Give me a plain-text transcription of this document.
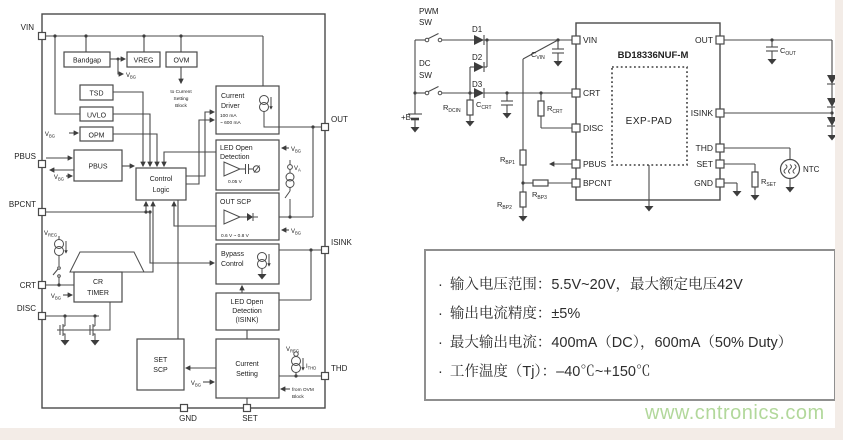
VIN
PBUS
BPCNT
CRT
DISC
GND	SET
OUT
ISINK
THD
Bandgap	VREG	OVM
TSD
UVLO
OPM
PBUS
Control
Logic
Current
Driver
100 mA
~ 600 mA
LED Open
Detection
0.05 V
OUT SCP
0.6 V ~ 0.8 V
Bypass
Control
LED Open
Detection
(ISINK)
CR
TIMER
SET
SCP
Current
Setting
$V_{REG}$
$V_A$
$V_{REG}$
$I_{THD}$
$V_{BG}$
$V_{BG}$
$V_{BG}$
$V_{BG}$
$V_{BG}$
$V_{BG}$
$V_{BG}$
to Current
Setting
Block
from OVM
Block
BD18336NUF-M
EXP-PAD
VIN
CRT
DISC
PBUS
BPCNT
OUT
ISINK
THD
SET
GND
PWM
SW
DC
SW
D1
D2
D3
+B
$R_{DCIN}$
$C_{CRT}$	$R_{CRT}$
$C_{VIN}$
$R_{BP1}$
$R_{BP2}$
$R_{BP3}$
$C_{OUT}$
$R_{SET}$
NTC
· 输入电压范围：5.5V~20V，最大额定电压42V
· 输出电流精度：±5%
· 最大输出电流：400mA（DC），600mA（50% Duty）
· 工作温度（Tj）：–40℃~+150℃
www.cntronics.com
